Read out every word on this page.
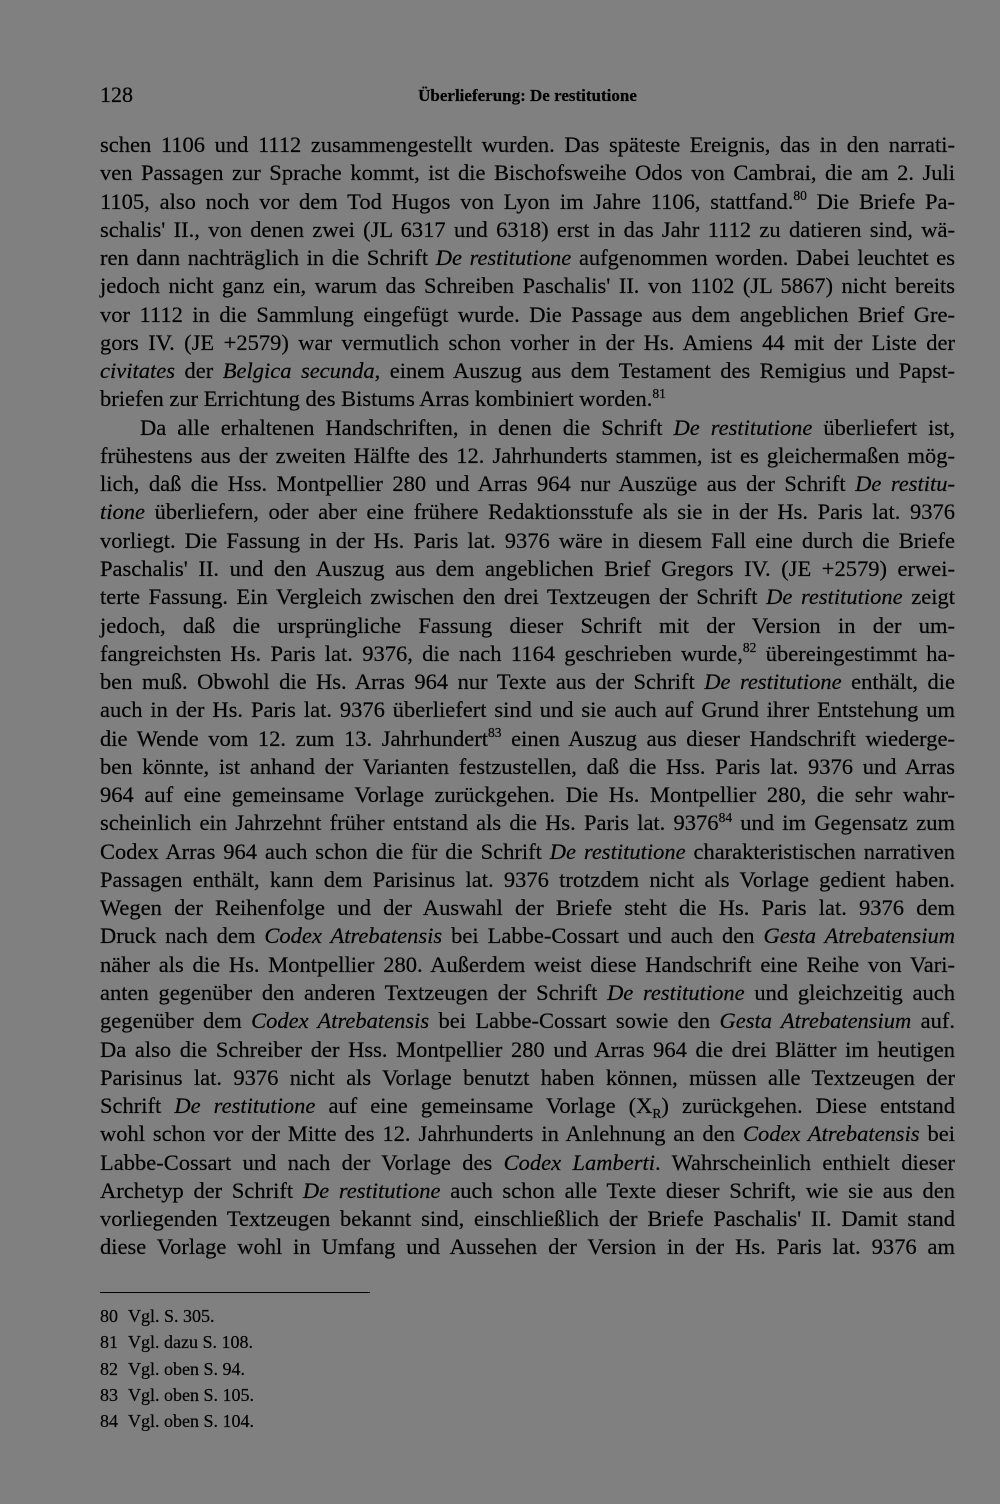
128	Überlieferung: De restitutione
schen 1106 und 1112 zusammengestellt wurden. Das späteste Ereignis, das in den narrati-
ven Passagen zur Sprache kommt, ist die Bischofsweihe Odos von Cambrai, die am 2. Juli
1105, also noch vor dem Tod Hugos von Lyon im Jahre 1106, stattfand.$^{80}$ Die Briefe Pa-
schalis' II., von denen zwei (JL 6317 und 6318) erst in das Jahr 1112 zu datieren sind, wä-
ren dann nachträglich in die Schrift De restitutione aufgenommen worden. Dabei leuchtet es
jedoch nicht ganz ein, warum das Schreiben Paschalis' II. von 1102 (JL 5867) nicht bereits
vor 1112 in die Sammlung eingefügt wurde. Die Passage aus dem angeblichen Brief Gre-
gors IV. (JE +2579) war vermutlich schon vorher in der Hs. Amiens 44 mit der Liste der
civitates der Belgica secunda, einem Auszug aus dem Testament des Remigius und Papst-
briefen zur Errichtung des Bistums Arras kombiniert worden.$^{81}$
Da alle erhaltenen Handschriften, in denen die Schrift De restitutione überliefert ist,
frühestens aus der zweiten Hälfte des 12. Jahrhunderts stammen, ist es gleichermaßen mög-
lich, daß die Hss. Montpellier 280 und Arras 964 nur Auszüge aus der Schrift De restitu-
tione überliefern, oder aber eine frühere Redaktionsstufe als sie in der Hs. Paris lat. 9376
vorliegt. Die Fassung in der Hs. Paris lat. 9376 wäre in diesem Fall eine durch die Briefe
Paschalis' II. und den Auszug aus dem angeblichen Brief Gregors IV. (JE +2579) erwei-
terte Fassung. Ein Vergleich zwischen den drei Textzeugen der Schrift De restitutione zeigt
jedoch, daß die ursprüngliche Fassung dieser Schrift mit der Version in der um-
fangreichsten Hs. Paris lat. 9376, die nach 1164 geschrieben wurde,$^{82}$ übereingestimmt ha-
ben muß. Obwohl die Hs. Arras 964 nur Texte aus der Schrift De restitutione enthält, die
auch in der Hs. Paris lat. 9376 überliefert sind und sie auch auf Grund ihrer Entstehung um
die Wende vom 12. zum 13. Jahrhundert$^{83}$ einen Auszug aus dieser Handschrift wiederge-
ben könnte, ist anhand der Varianten festzustellen, daß die Hss. Paris lat. 9376 und Arras
964 auf eine gemeinsame Vorlage zurückgehen. Die Hs. Montpellier 280, die sehr wahr-
scheinlich ein Jahrzehnt früher entstand als die Hs. Paris lat. 9376$^{84}$ und im Gegensatz zum
Codex Arras 964 auch schon die für die Schrift De restitutione charakteristischen narrativen
Passagen enthält, kann dem Parisinus lat. 9376 trotzdem nicht als Vorlage gedient haben.
Wegen der Reihenfolge und der Auswahl der Briefe steht die Hs. Paris lat. 9376 dem
Druck nach dem Codex Atrebatensis bei Labbe-Cossart und auch den Gesta Atrebatensium
näher als die Hs. Montpellier 280. Außerdem weist diese Handschrift eine Reihe von Vari-
anten gegenüber den anderen Textzeugen der Schrift De restitutione und gleichzeitig auch
gegenüber dem Codex Atrebatensis bei Labbe-Cossart sowie den Gesta Atrebatensium auf.
Da also die Schreiber der Hss. Montpellier 280 und Arras 964 die drei Blätter im heutigen
Parisinus lat. 9376 nicht als Vorlage benutzt haben können, müssen alle Textzeugen der
Schrift De restitutione auf eine gemeinsame Vorlage $(X_R)$ zurückgehen. Diese entstand
wohl schon vor der Mitte des 12. Jahrhunderts in Anlehnung an den Codex Atrebatensis bei
Labbe-Cossart und nach der Vorlage des Codex Lamberti. Wahrscheinlich enthielt dieser
Archetyp der Schrift De restitutione auch schon alle Texte dieser Schrift, wie sie aus den
vorliegenden Textzeugen bekannt sind, einschließlich der Briefe Paschalis' II. Damit stand
diese Vorlage wohl in Umfang und Aussehen der Version in der Hs. Paris lat. 9376 am
80 Vgl. S. 305.
81 Vgl. dazu S. 108.
82 Vgl. oben S. 94.
83 Vgl. oben S. 105.
84 Vgl. oben S. 104.
